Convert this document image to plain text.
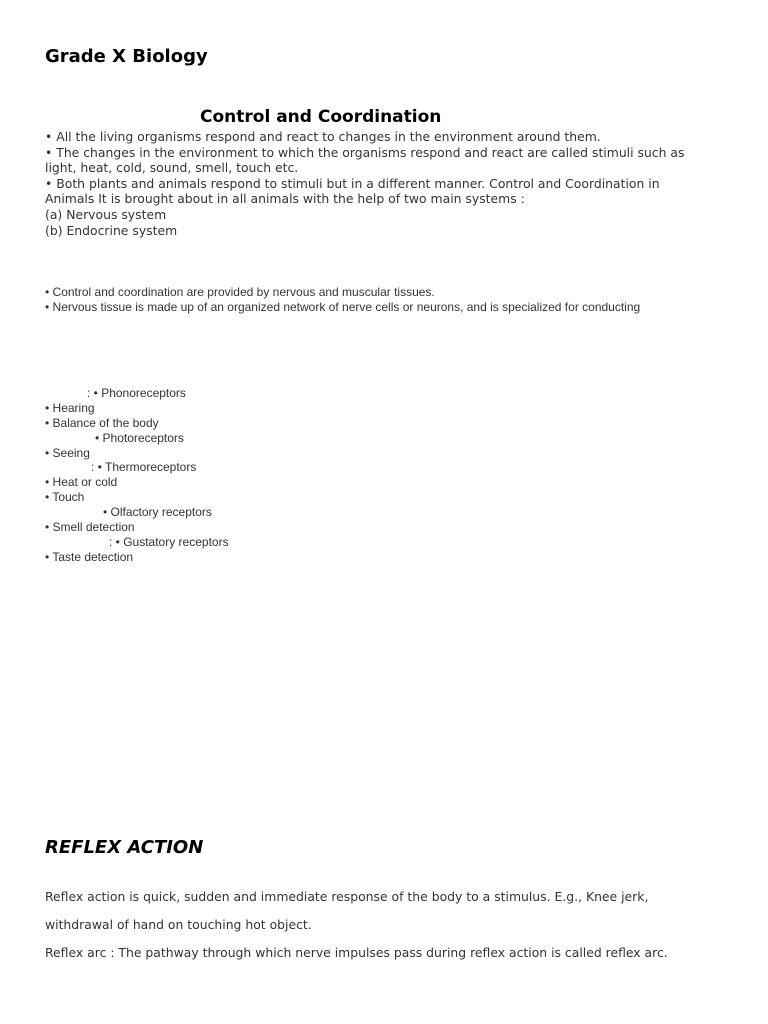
Grade X Biology
Control and Coordination
• All the living organisms respond and react to changes in the environment around them.
• The changes in the environment to which the organisms respond and react are called stimuli such as
light, heat, cold, sound, smell, touch etc.
• Both plants and animals respond to stimuli but in a different manner. Control and Coordination in
Animals It is brought about in all animals with the help of two main systems :
(a) Nervous system
(b) Endocrine system
• Control and coordination are provided by nervous and muscular tissues.
• Nervous tissue is made up of an organized network of nerve cells or neurons, and is specialized for conducting
: • Phonoreceptors
• Hearing
• Balance of the body
• Photoreceptors
• Seeing
: • Thermoreceptors
• Heat or cold
• Touch
• Olfactory receptors
• Smell detection
: • Gustatory receptors
• Taste detection
REFLEX ACTION
Reflex action is quick, sudden and immediate response of the body to a stimulus. E.g., Knee jerk,
withdrawal of hand on touching hot object.
Reflex arc : The pathway through which nerve impulses pass during reflex action is called reflex arc.
